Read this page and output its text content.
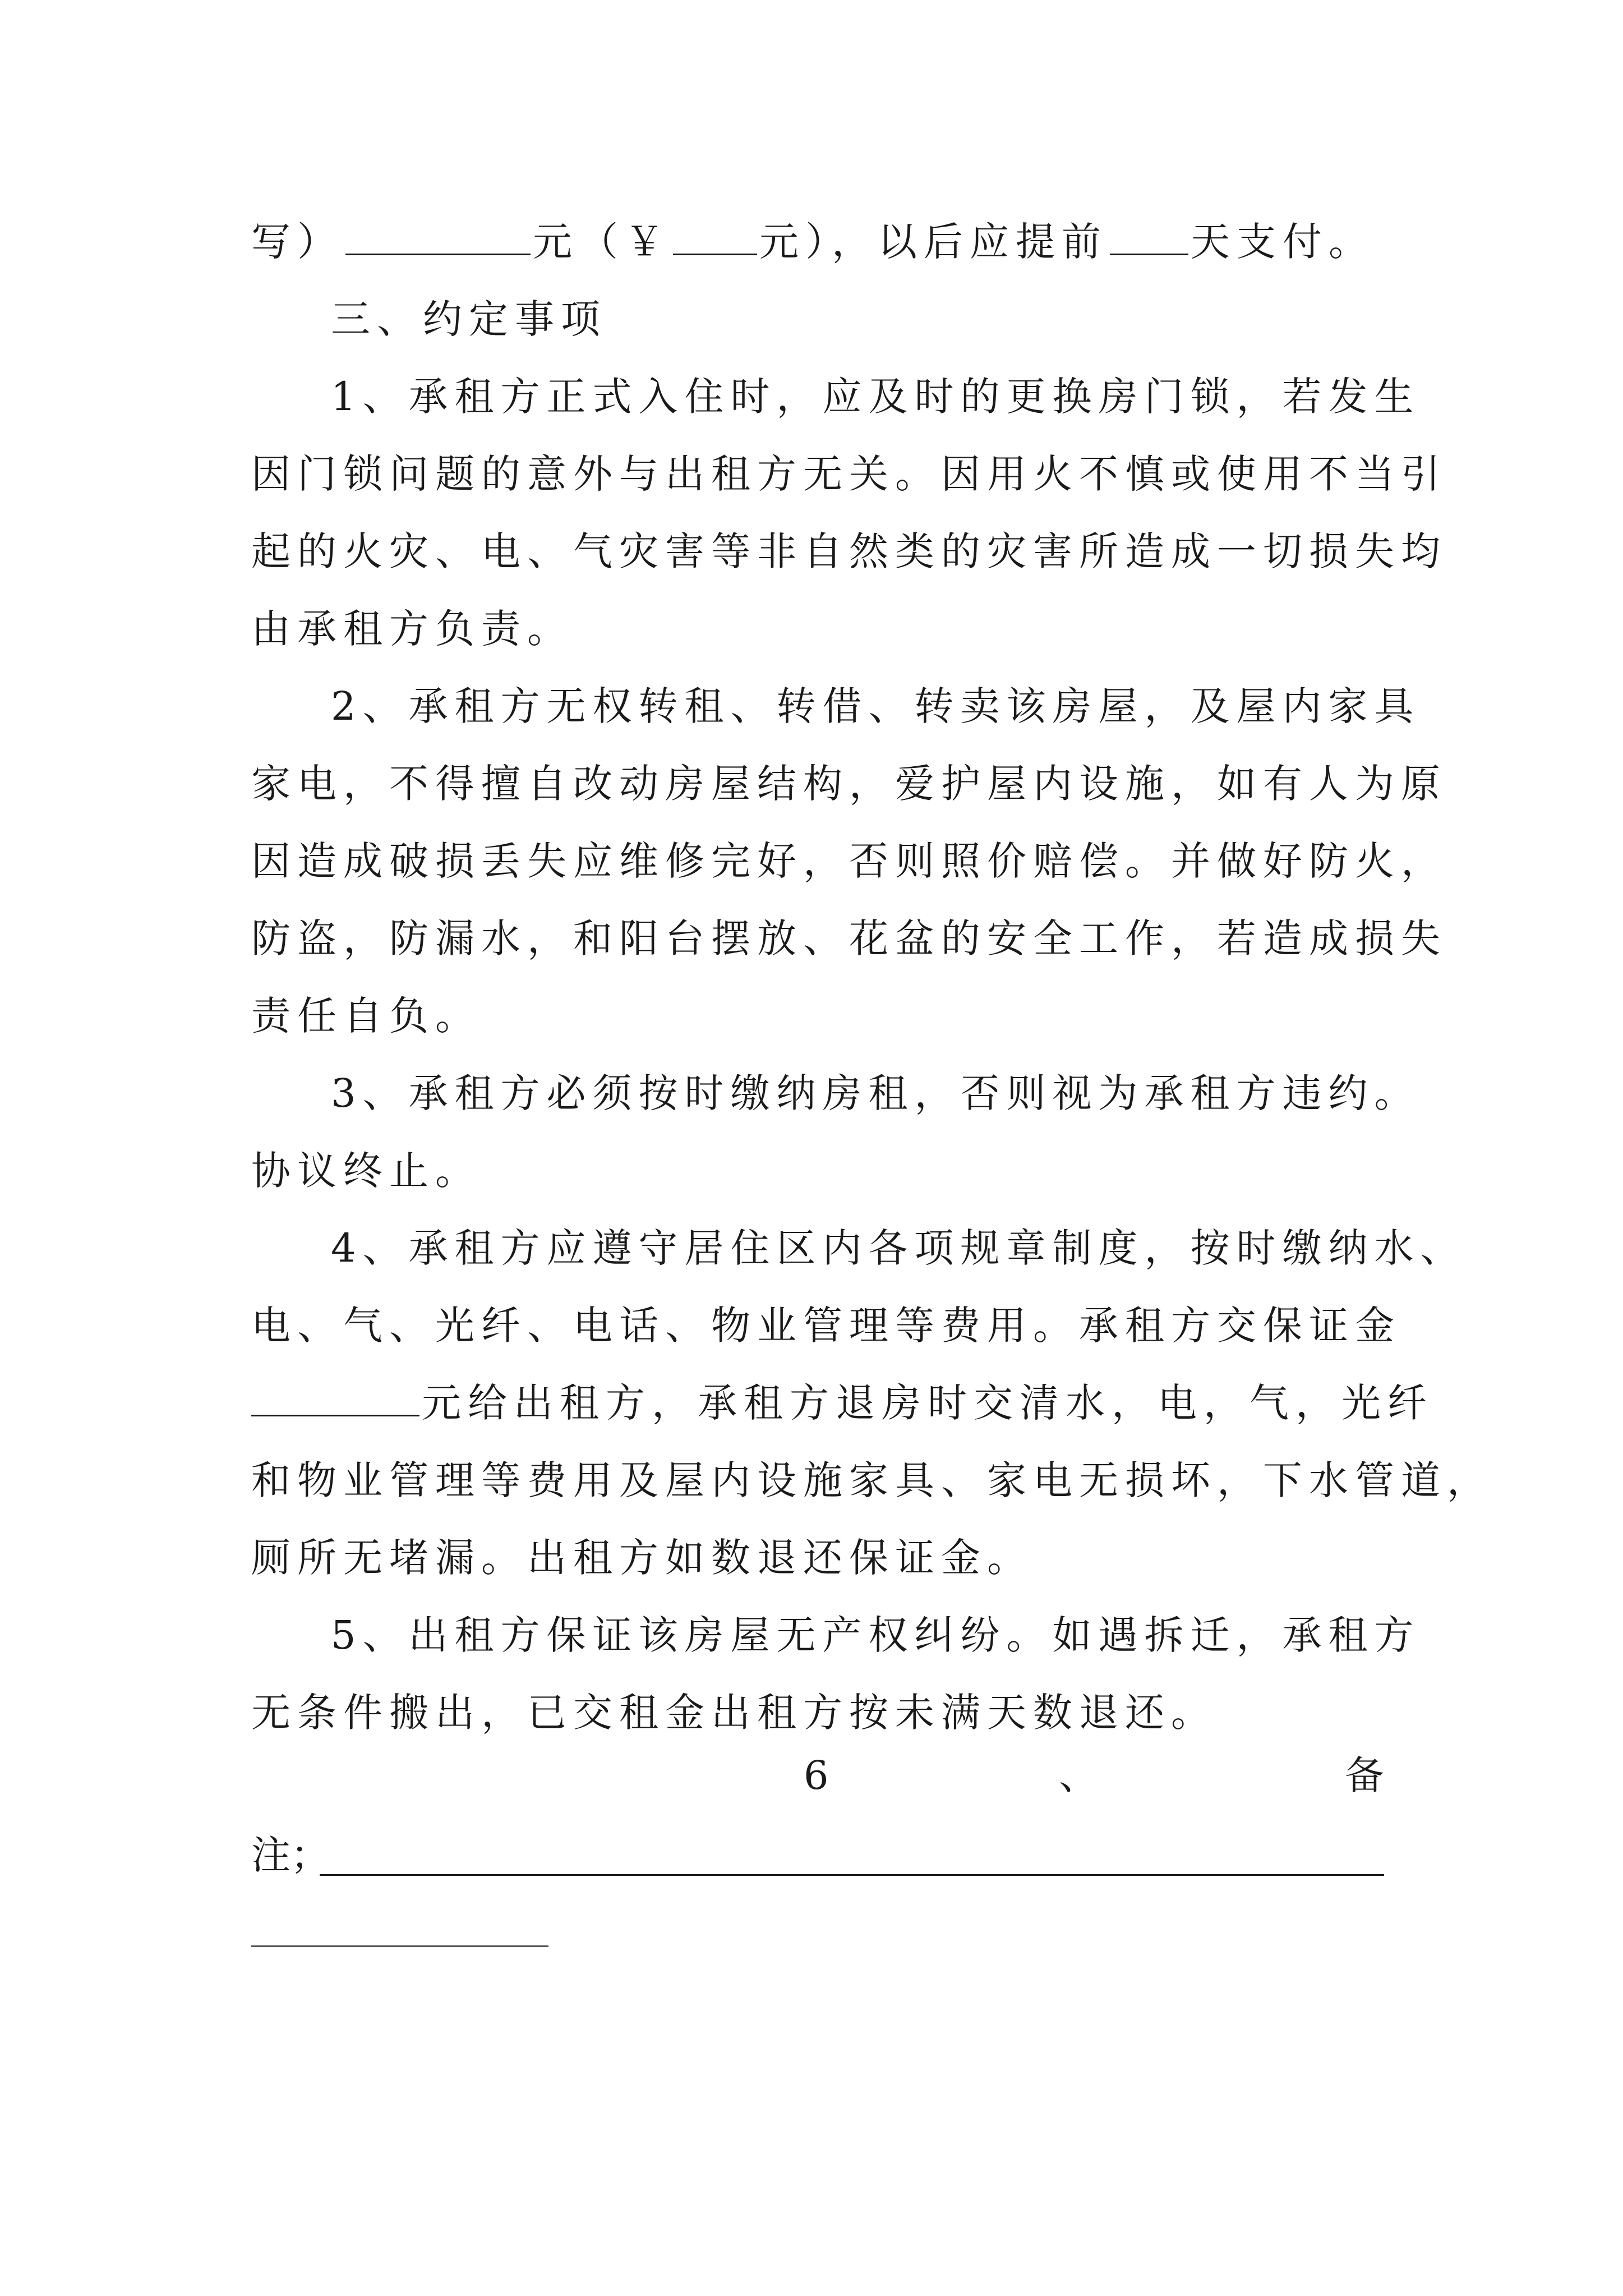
写）	元（￥ 元），以后应提前 天支付。
三、约定事项
1、承租方正式入住时，应及时的更换房门锁，若发生
因门锁问题的意外与出租方无关。因用火不慎或使用不当引
起的火灾、电、气灾害等非自然类的灾害所造成一切损失均
由承租方负责。
2、承租方无权转租、转借、转卖该房屋，及屋内家具
家电，不得擅自改动房屋结构，爱护屋内设施，如有人为原
因造成破损丢失应维修完好，否则照价赔偿。并做好防火，
防盗，防漏水，和阳台摆放、花盆的安全工作，若造成损失
责任自负。
3、承租方必须按时缴纳房租，否则视为承租方违约。
协议终止。
4、承租方应遵守居住区内各项规章制度，按时缴纳水、
电、气、光纤、电话、物业管理等费用。承租方交保证金
元给出租方，承租方退房时交清水，电，气，光纤
和物业管理等费用及屋内设施家具、家电无损坏，下水管道，
厕所无堵漏。出租方如数退还保证金。
5、出租方保证该房屋无产权纠纷。如遇拆迁，承租方
无条件搬出，已交租金出租方按未满天数退还。
6	、	备
注；
